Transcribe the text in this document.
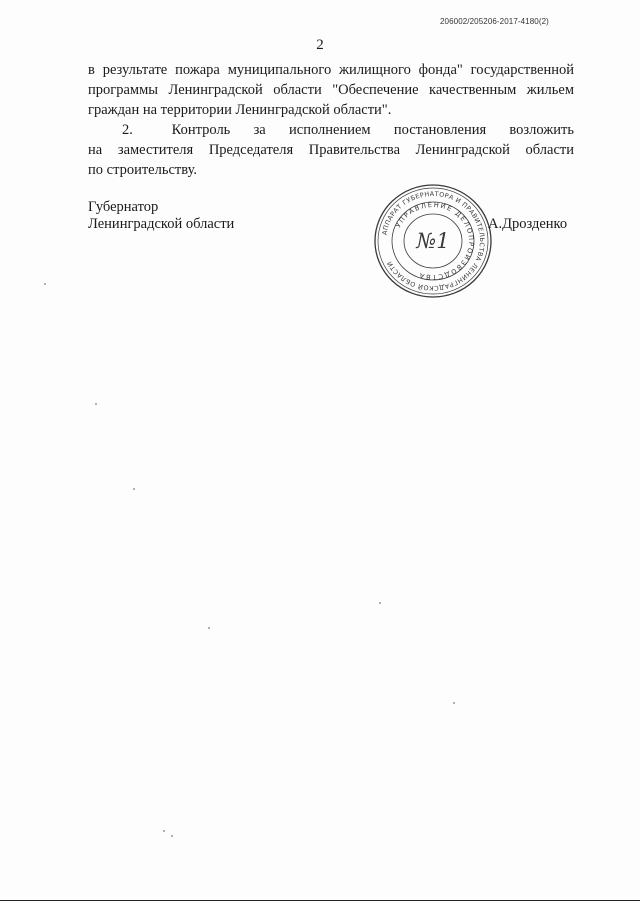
206002/205206-2017-4180(2)
2

в результате пожара муниципального жилищного фонда" государственной программы Ленинградской области "Обеспечение качественным жильем граждан на территории Ленинградской области".

2.     Контроль   за   исполнением   постановления   возложить

на заместителя Председателя Правительства Ленинградской области

по строительству.

Губернатор
Ленинградской области
АППАРАТ ГУБЕРНАТОРА И ПРАВИТЕЛЬСТВА ЛЕНИНГРАДСКОЙ ОБЛАСТИ
УПРАВЛЕНИЕ ДЕЛОПРОИЗВОДСТВА
№1
А.Дрозденко
